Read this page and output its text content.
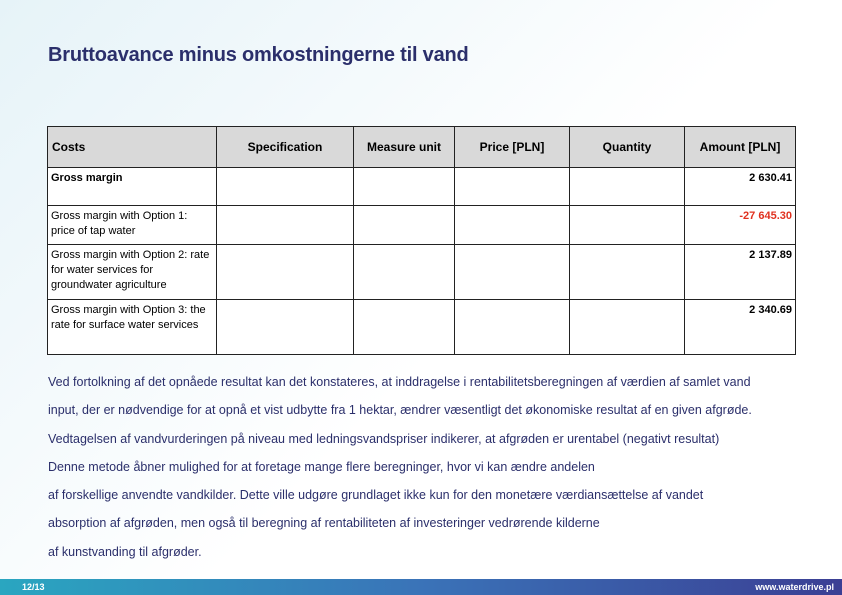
Bruttoavance minus omkostningerne til vand
Costs	Specification	Measure unit	Price [PLN]	Quantity	Amount [PLN]
Gross margin					2 630.41
Gross margin with Option 1: price of tap water					-27 645.30
Gross margin with Option 2: rate for water services for groundwater agriculture					2 137.89
Gross margin with Option 3: the rate for surface water services					2 340.69
Ved fortolkning af det opnåede resultat kan det konstateres, at inddragelse i rentabilitetsberegningen af værdien af samlet vand
input, der er nødvendige for at opnå et vist udbytte fra 1 hektar, ændrer væsentligt det økonomiske resultat af en given afgrøde.
Vedtagelsen af vandvurderingen på niveau med ledningsvandspriser indikerer, at afgrøden er urentabel (negativt resultat)
Denne metode åbner mulighed for at foretage mange flere beregninger, hvor vi kan ændre andelen
af forskellige anvendte vandkilder. Dette ville udgøre grundlaget ikke kun for den monetære værdiansættelse af vandet
absorption af afgrøden, men også til beregning af rentabiliteten af investeringer vedrørende kilderne
af kunstvanding til afgrøder.
12/13	www.waterdrive.pl
